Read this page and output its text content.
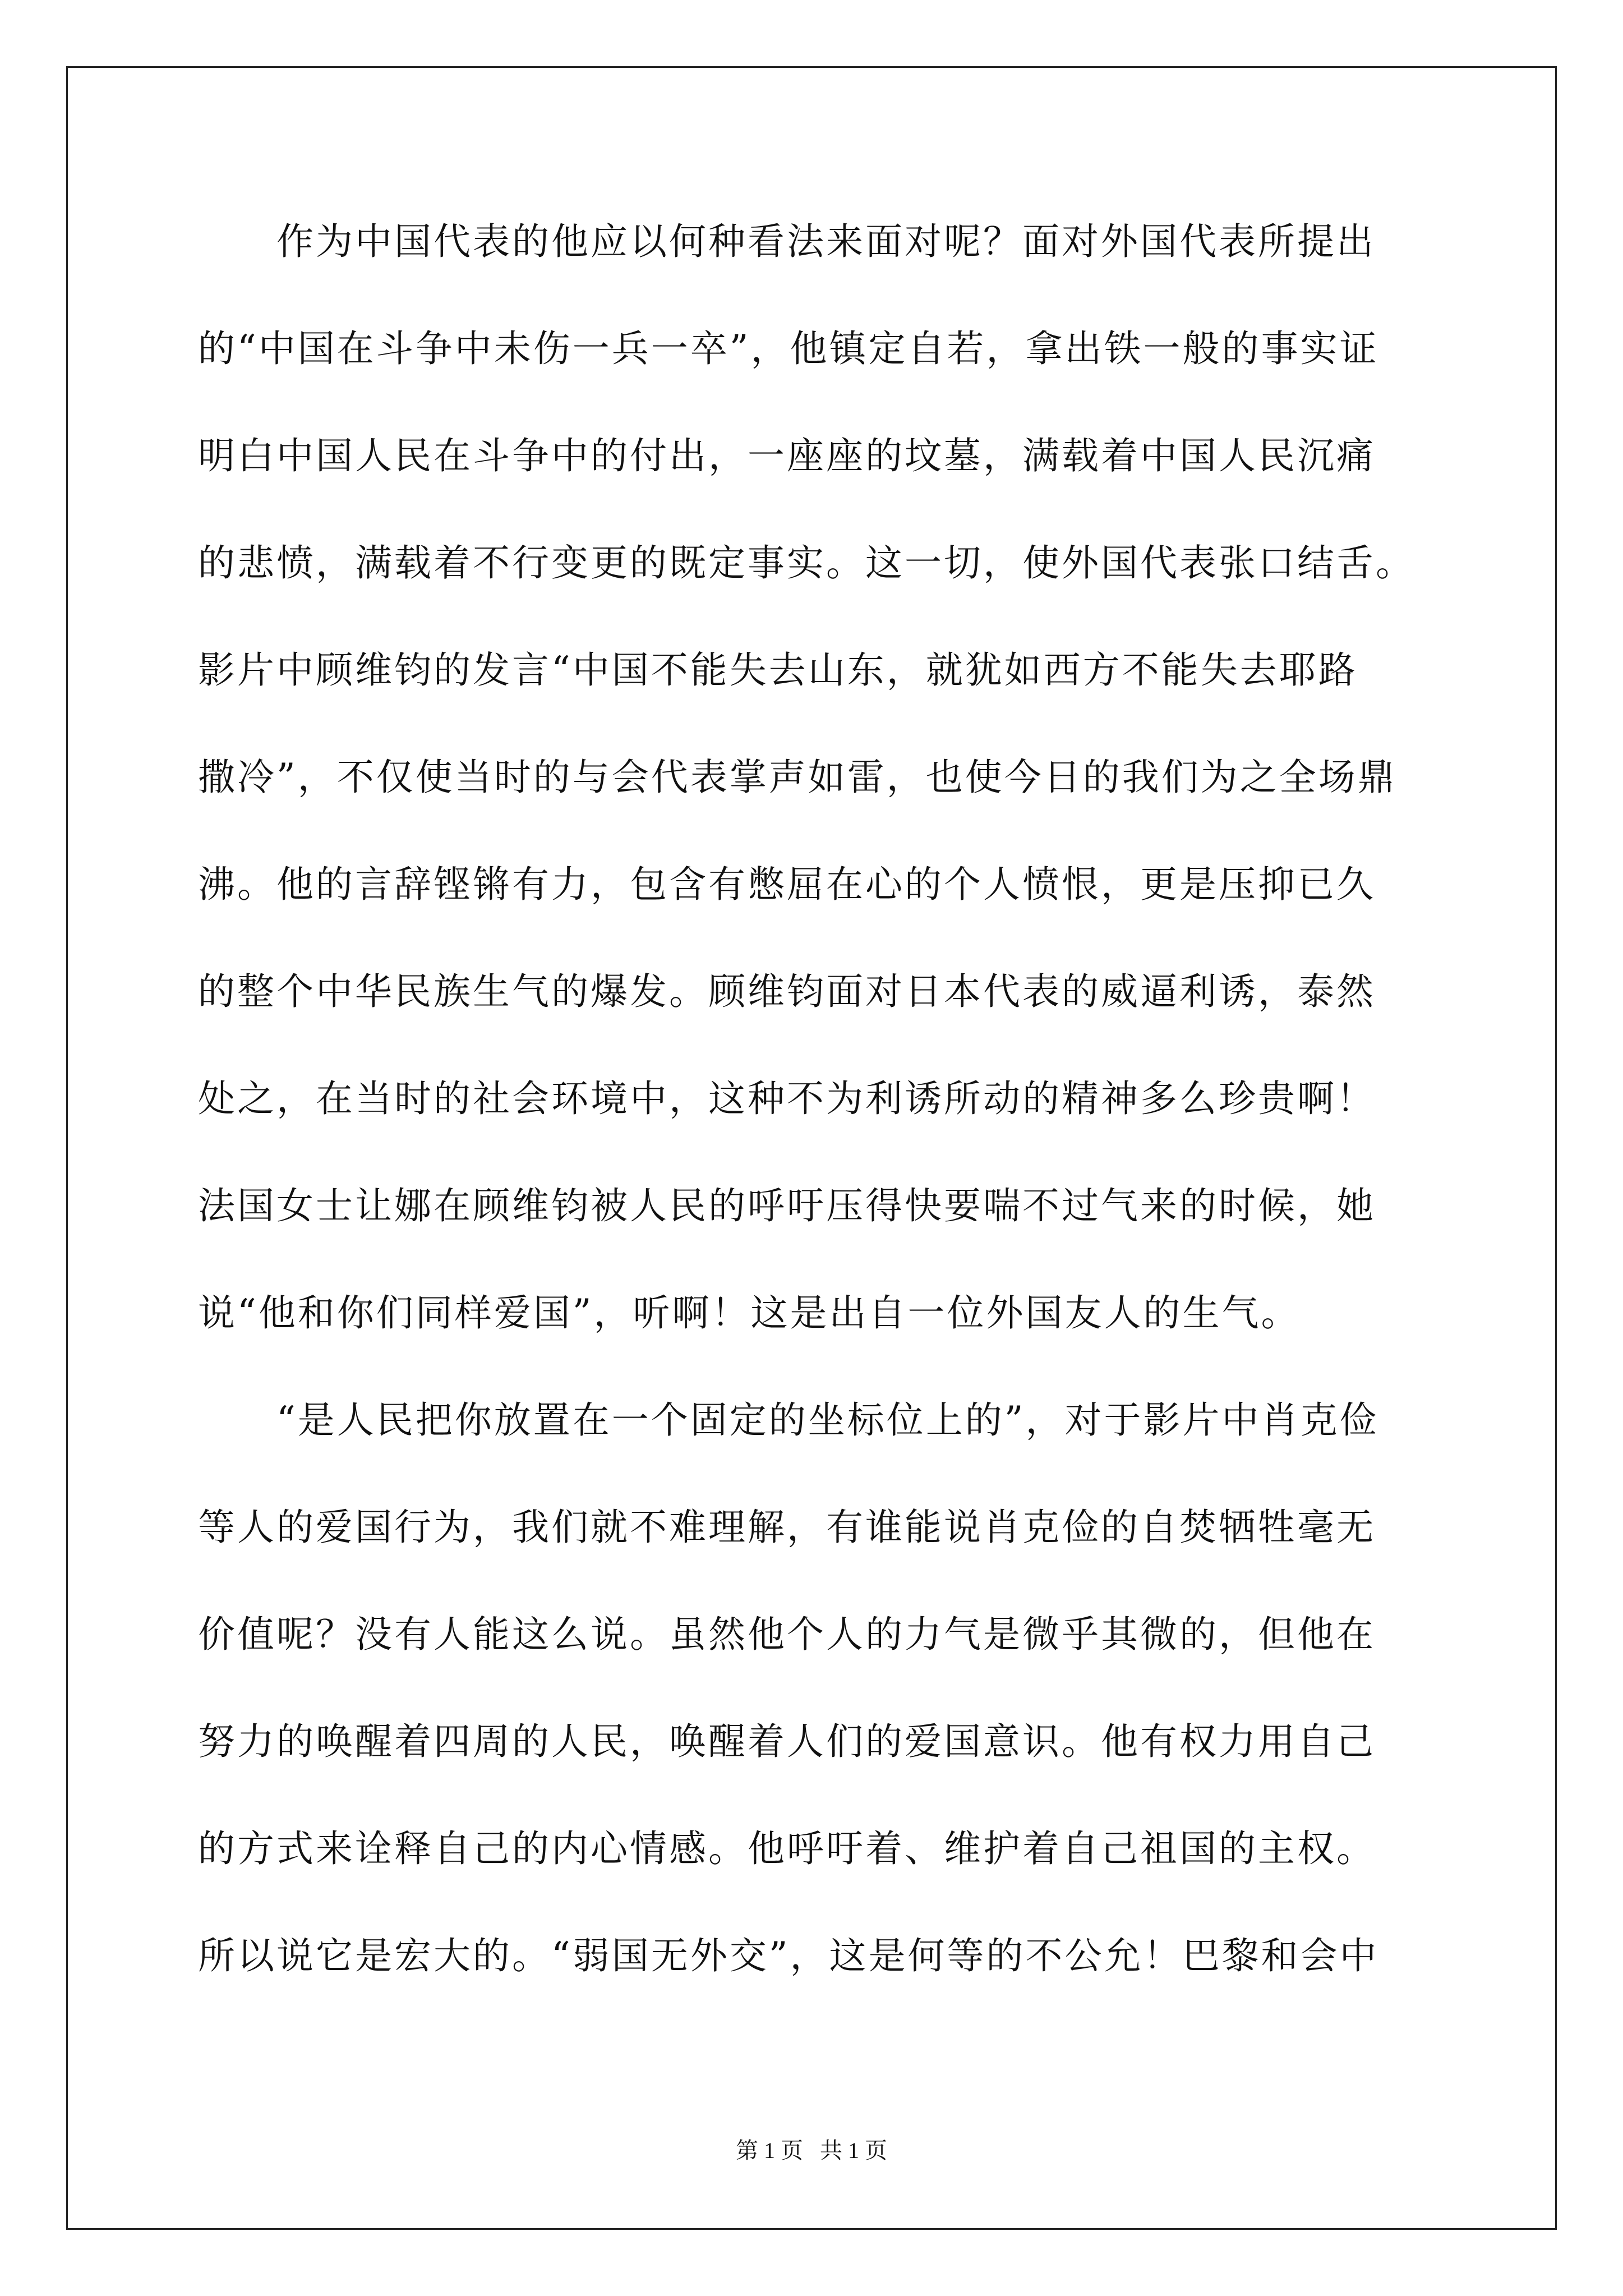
作为中国代表的他应以何种看法来面对呢？面对外国代表所提出
的“中国在斗争中未伤一兵一卒”，他镇定自若，拿出铁一般的事实证
明白中国人民在斗争中的付出，一座座的坟墓，满载着中国人民沉痛
的悲愤，满载着不行变更的既定事实。这一切，使外国代表张口结舌。
影片中顾维钧的发言“中国不能失去山东，就犹如西方不能失去耶路
撒冷”，不仅使当时的与会代表掌声如雷，也使今日的我们为之全场鼎
沸。他的言辞铿锵有力，包含有憋屈在心的个人愤恨，更是压抑已久
的整个中华民族生气的爆发。顾维钧面对日本代表的威逼利诱，泰然
处之，在当时的社会环境中，这种不为利诱所动的精神多么珍贵啊！
法国女士让娜在顾维钧被人民的呼吁压得快要喘不过气来的时候，她
说“他和你们同样爱国”，听啊！这是出自一位外国友人的生气。
“是人民把你放置在一个固定的坐标位上的”，对于影片中肖克俭
等人的爱国行为，我们就不难理解，有谁能说肖克俭的自焚牺牲毫无
价值呢？没有人能这么说。虽然他个人的力气是微乎其微的，但他在
努力的唤醒着四周的人民，唤醒着人们的爱国意识。他有权力用自己
的方式来诠释自己的内心情感。他呼吁着、维护着自己祖国的主权。
所以说它是宏大的。“弱国无外交”，这是何等的不公允！巴黎和会中
第 1 页   共 1 页
